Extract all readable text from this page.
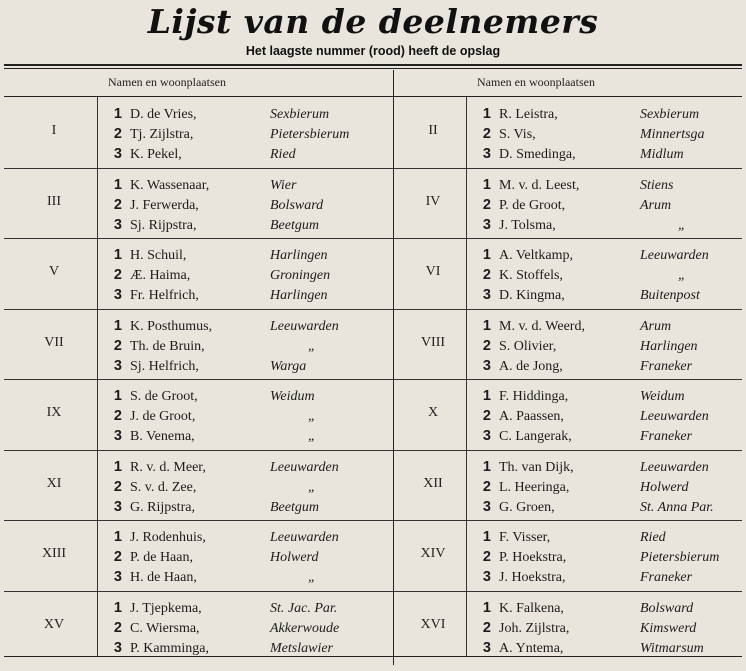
Lijst van de deelnemers
Het laagste nummer (rood) heeft de opslag
Namen en woonplaatsen	Namen en woonplaatsen
I
1 D. de Vries,	Sexbierum
2 Tj. Zijlstra,	Pietersbierum
3 K. Pekel,	Ried
III
1 K. Wassenaar,	Wier
2 J. Ferwerda,	Bolsward
3 Sj. Rijpstra,	Beetgum
V
1 H. Schuil,	Harlingen
2 Æ. Haima,	Groningen
3 Fr. Helfrich,	Harlingen
VII
1 K. Posthumus,	Leeuwarden
2 Th. de Bruin,	„
3 Sj. Helfrich,	Warga
IX
1 S. de Groot,	Weidum
2 J. de Groot,	„
3 B. Venema,	„
XI
1 R. v. d. Meer,	Leeuwarden
2 S. v. d. Zee,	„
3 G. Rijpstra,	Beetgum
XIII
1 J. Rodenhuis,	Leeuwarden
2 P. de Haan,	Holwerd
3 H. de Haan,	„
XV
1 J. Tjepkema,	St. Jac. Par.
2 C. Wiersma,	Akkerwoude
3 P. Kamminga,	Metslawier
II
1 R. Leistra,	Sexbierum
2 S. Vis,	Minnertsga
3 D. Smedinga,	Midlum
IV
1 M. v. d. Leest,	Stiens
2 P. de Groot,	Arum
3 J. Tolsma,	„
VI
1 A. Veltkamp,	Leeuwarden
2 K. Stoffels,	„
3 D. Kingma,	Buitenpost
VIII
1 M. v. d. Weerd,	Arum
2 S. Olivier,	Harlingen
3 A. de Jong,	Franeker
X
1 F. Hiddinga,	Weidum
2 A. Paassen,	Leeuwarden
3 C. Langerak,	Franeker
XII
1 Th. van Dijk,	Leeuwarden
2 L. Heeringa,	Holwerd
3 G. Groen,	St. Anna Par.
XIV
1 F. Visser,	Ried
2 P. Hoekstra,	Pietersbierum
3 J. Hoekstra,	Franeker
XVI
1 K. Falkena,	Bolsward
2 Joh. Zijlstra,	Kimswerd
3 A. Yntema,	Witmarsum
